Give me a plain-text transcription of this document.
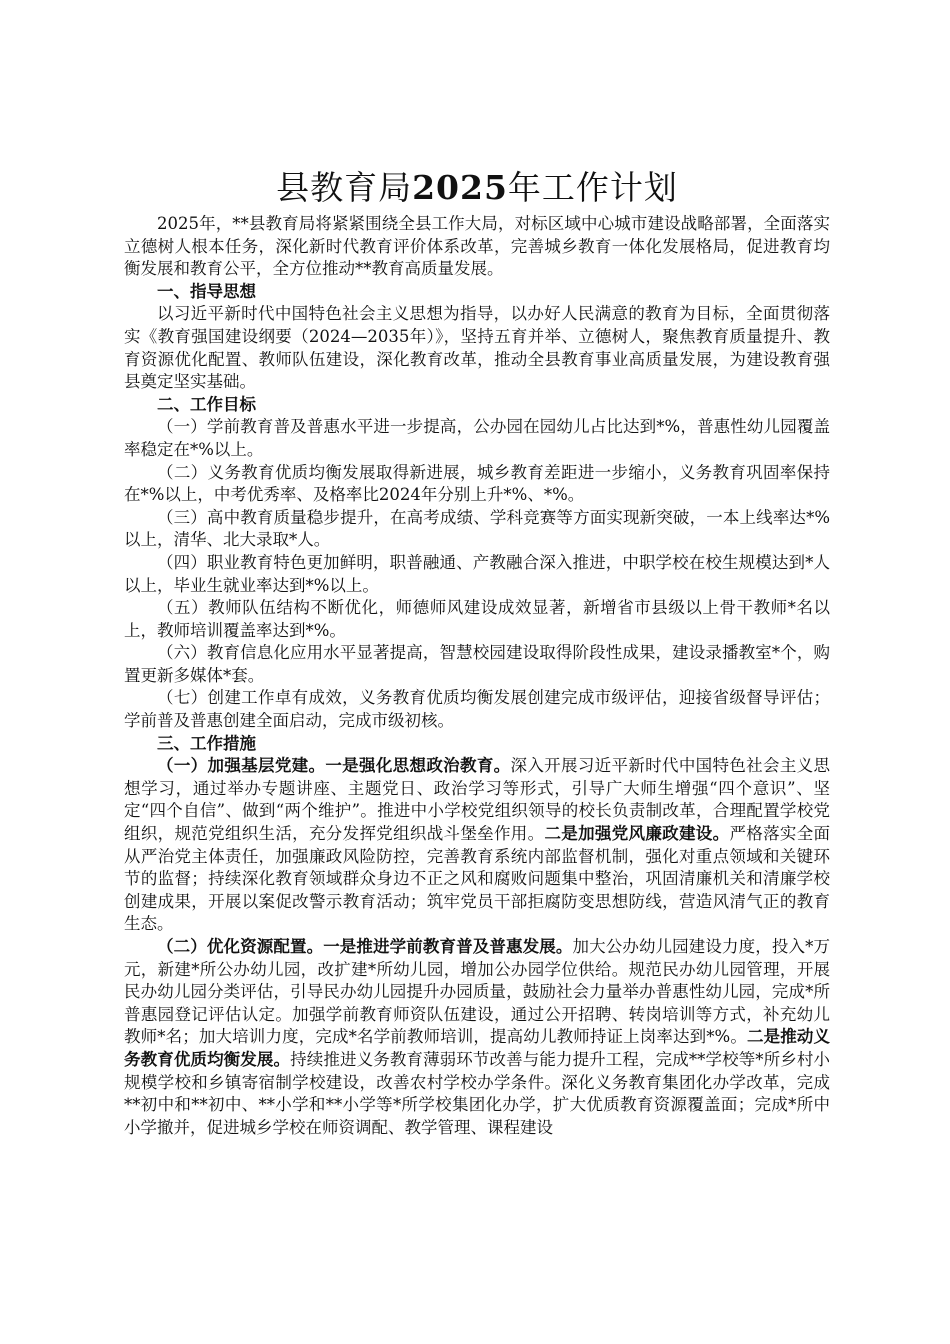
县教育局2025年工作计划

2025年，**县教育局将紧紧围绕全县工作大局，对标区域中心城市建设战略部署，全面落实立德树人根本任务，深化新时代教育评价体系改革，完善城乡教育一体化发展格局，促进教育均衡发展和教育公平，全方位推动**教育高质量发展。

一、指导思想

以习近平新时代中国特色社会主义思想为指导，以办好人民满意的教育为目标，全面贯彻落实《教育强国建设纲要（2024—2035年）》，坚持五育并举、立德树人，聚焦教育质量提升、教育资源优化配置、教师队伍建设，深化教育改革，推动全县教育事业高质量发展，为建设教育强县奠定坚实基础。

二、工作目标

（一）学前教育普及普惠水平进一步提高，公办园在园幼儿占比达到*%，普惠性幼儿园覆盖率稳定在*%以上。

（二）义务教育优质均衡发展取得新进展，城乡教育差距进一步缩小，义务教育巩固率保持在*%以上，中考优秀率、及格率比2024年分别上升*%、*%。

（三）高中教育质量稳步提升，在高考成绩、学科竞赛等方面实现新突破，一本上线率达*%以上，清华、北大录取*人。

（四）职业教育特色更加鲜明，职普融通、产教融合深入推进，中职学校在校生规模达到*人以上，毕业生就业率达到*%以上。

（五）教师队伍结构不断优化，师德师风建设成效显著，新增省市县级以上骨干教师*名以上，教师培训覆盖率达到*%。

（六）教育信息化应用水平显著提高，智慧校园建设取得阶段性成果，建设录播教室*个，购置更新多媒体*套。

（七）创建工作卓有成效，义务教育优质均衡发展创建完成市级评估，迎接省级督导评估；学前普及普惠创建全面启动，完成市级初核。

三、工作措施

（一）加强基层党建。一是强化思想政治教育。深入开展习近平新时代中国特色社会主义思想学习，通过举办专题讲座、主题党日、政治学习等形式，引导广大师生增强“四个意识”、坚定“四个自信”、做到“两个维护”。推进中小学校党组织领导的校长负责制改革，合理配置学校党组织，规范党组织生活，充分发挥党组织战斗堡垒作用。二是加强党风廉政建设。严格落实全面从严治党主体责任，加强廉政风险防控，完善教育系统内部监督机制，强化对重点领域和关键环节的监督；持续深化教育领域群众身边不正之风和腐败问题集中整治，巩固清廉机关和清廉学校创建成果，开展以案促改警示教育活动；筑牢党员干部拒腐防变思想防线，营造风清气正的教育生态。

（二）优化资源配置。一是推进学前教育普及普惠发展。加大公办幼儿园建设力度，投入*万元，新建*所公办幼儿园，改扩建*所幼儿园，增加公办园学位供给。规范民办幼儿园管理，开展民办幼儿园分类评估，引导民办幼儿园提升办园质量，鼓励社会力量举办普惠性幼儿园，完成*所普惠园登记评估认定。加强学前教育师资队伍建设，通过公开招聘、转岗培训等方式，补充幼儿教师*名；加大培训力度，完成*名学前教师培训，提高幼儿教师持证上岗率达到*%。二是推动义务教育优质均衡发展。持续推进义务教育薄弱环节改善与能力提升工程，完成**学校等*所乡村小规模学校和乡镇寄宿制学校建设，改善农村学校办学条件。深化义务教育集团化办学改革，完成**初中和**初中、**小学和**小学等*所学校集团化办学，扩大优质教育资源覆盖面；完成*所中小学撤并，促进城乡学校在师资调配、教学管理、课程建设
